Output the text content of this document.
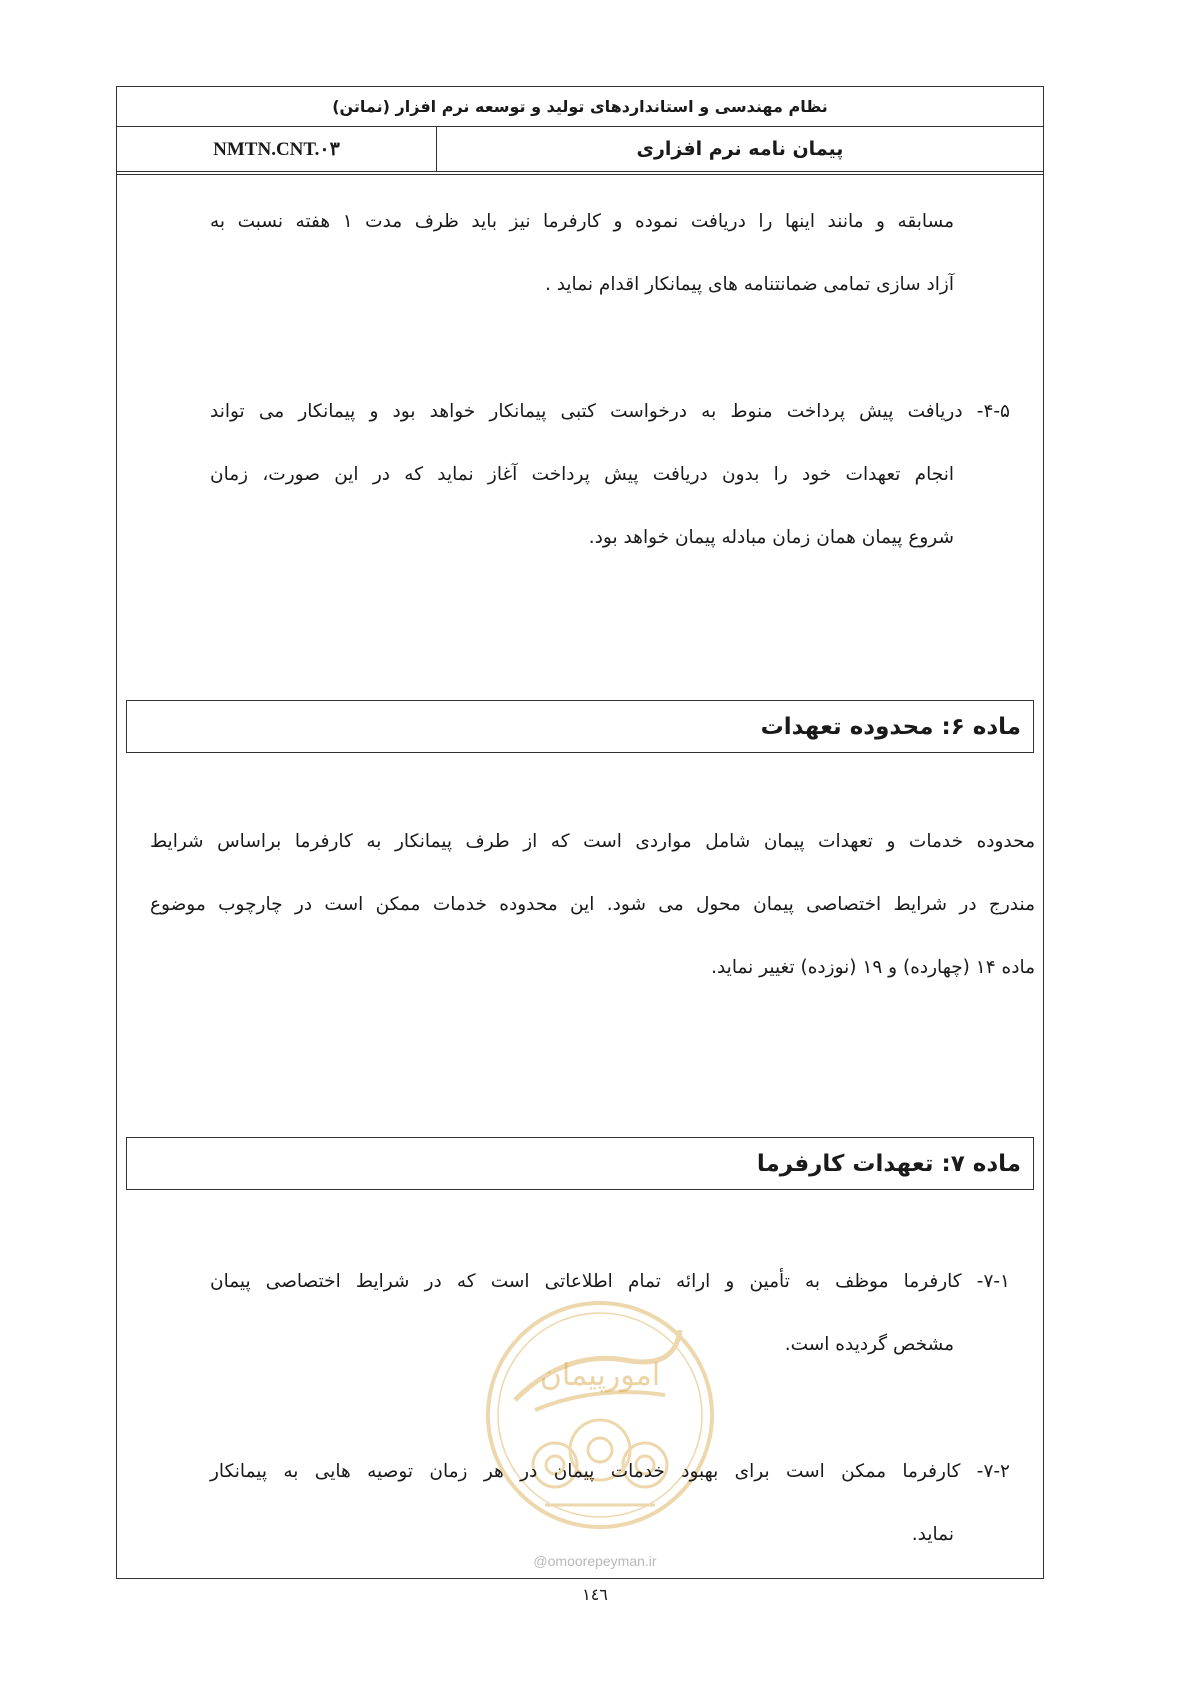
نظام مهندسی و استانداردهای تولید و توسعه نرم افزار (نماتن)
NMTN.CNT.۰۳	پیمان نامه نرم افزاری
مسابقه و مانند اینها را دریافت نموده و کارفرما نیز باید ظرف مدت ۱ هفته نسبت به
آزاد سازی تمامی ضمانتنامه های پیمانکار اقدام نماید .
۴-۵- دریافت پیش پرداخت منوط به درخواست کتبی پیمانکار خواهد بود و پیمانکار می تواند
انجام تعهدات خود را بدون دریافت پیش پرداخت آغاز نماید که در این صورت، زمان
شروع پیمان همان زمان مبادله پیمان خواهد بود.
ماده ۶: محدوده تعهدات
محدوده خدمات و تعهدات پیمان شامل مواردی است که از طرف پیمانکار به کارفرما براساس شرایط
مندرج در شرایط اختصاصی پیمان محول می شود. این محدوده خدمات ممکن است در چارچوب موضوع
ماده ۱۴ (چهارده) و ۱۹ (نوزده) تغییر نماید.
ماده ۷: تعهدات کارفرما
۷-۱- کارفرما موظف به تأمین و ارائه تمام اطلاعاتی است که در شرایط اختصاصی پیمان
مشخص گردیده است.
امورپیمان
۷-۲- کارفرما ممکن است برای بهبود خدمات پیمان در هر زمان توصیه هایی به پیمانکار
نماید.
@omoorepeyman.ir
۱٤٦
